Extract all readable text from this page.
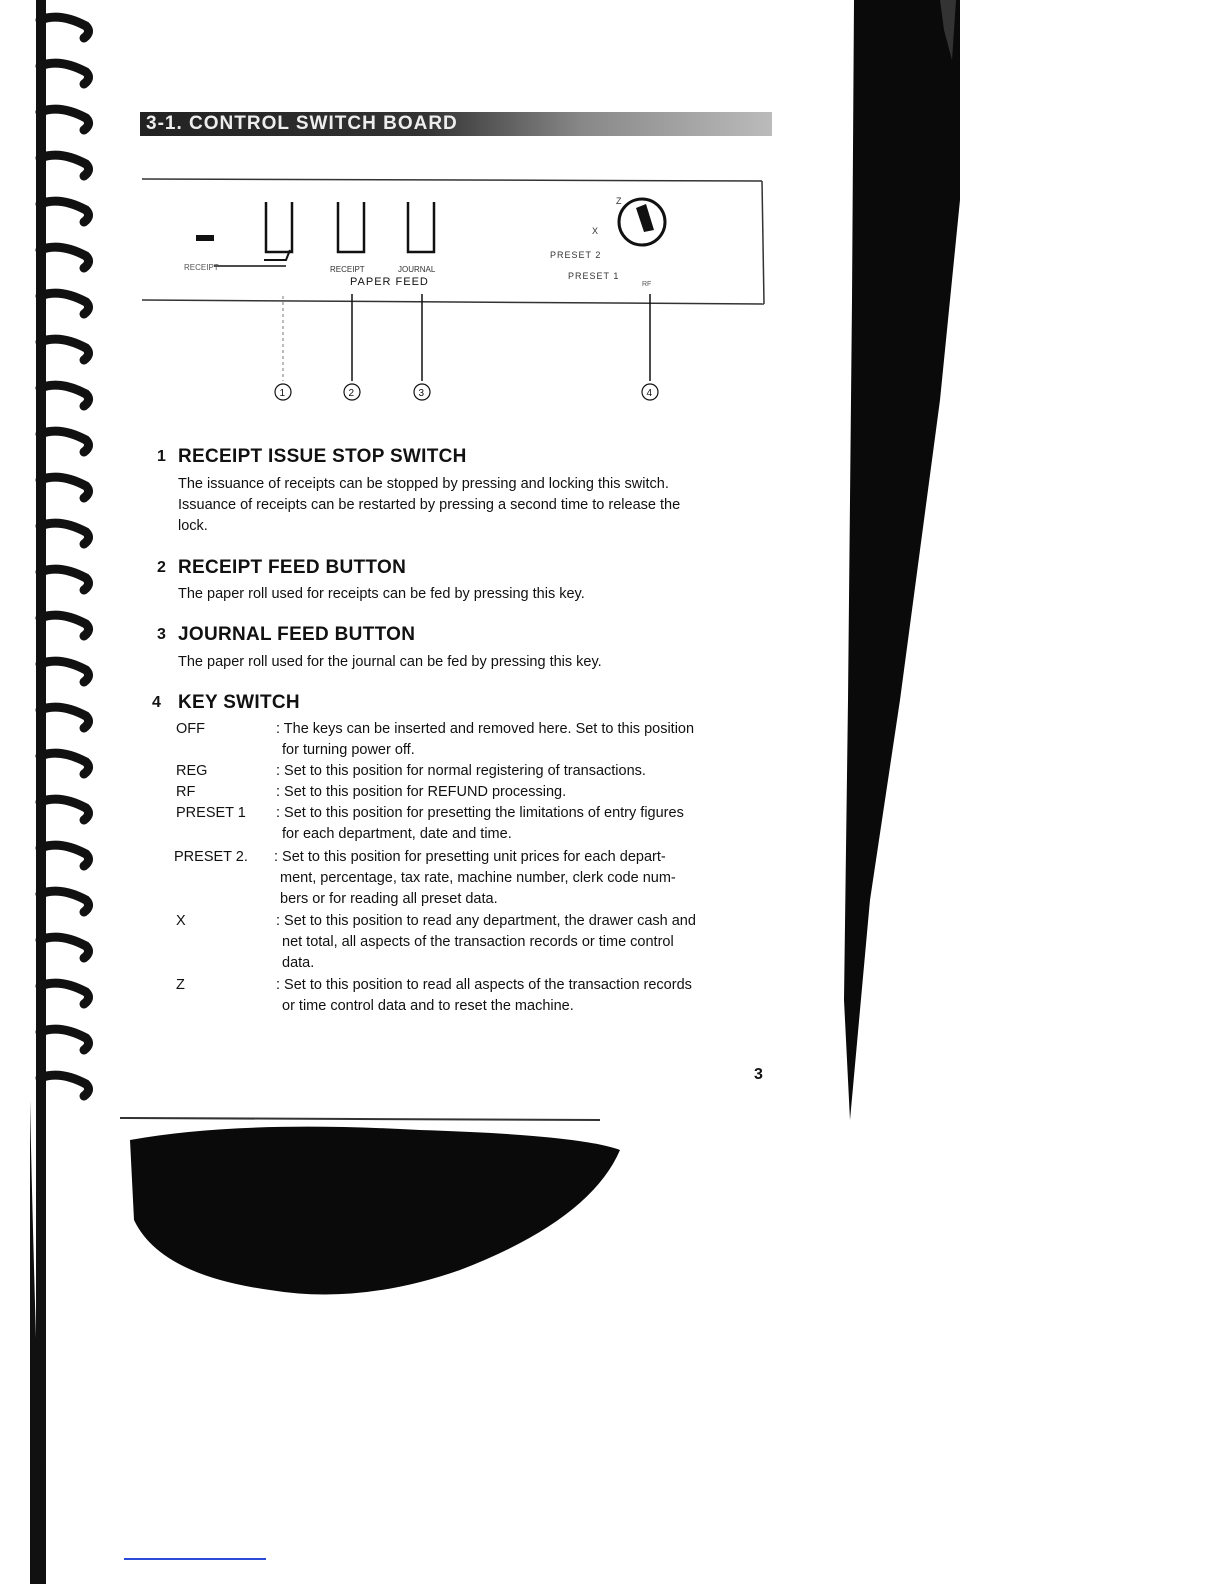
3-1. CONTROL SWITCH BOARD
RECEIPT	RECEIPT	JOURNAL
PAPER FEED
Z
X
PRESET 2
PRESET 1
RF
1	2	3	4
1 RECEIPT ISSUE STOP SWITCH
The issuance of receipts can be stopped by pressing and locking this switch.
Issuance of receipts can be restarted by pressing a second time to release the
lock.
2 RECEIPT FEED BUTTON
The paper roll used for receipts can be fed by pressing this key.
3 JOURNAL FEED BUTTON
The paper roll used for the journal can be fed by pressing this key.
4 KEY SWITCH
OFF	: The keys can be inserted and removed here. Set to this position
for turning power off.
REG	: Set to this position for normal registering of transactions.
RF	: Set to this position for REFUND processing.
PRESET 1 : Set to this position for presetting the limitations of entry figures
for each department, date and time.
PRESET 2. : Set to this position for presetting unit prices for each depart-
ment, percentage, tax rate, machine number, clerk code num-
bers or for reading all preset data.
X	: Set to this position to read any department, the drawer cash and
net total, all aspects of the transaction records or time control
data.
Z	: Set to this position to read all aspects of the transaction records
or time control data and to reset the machine.
3
